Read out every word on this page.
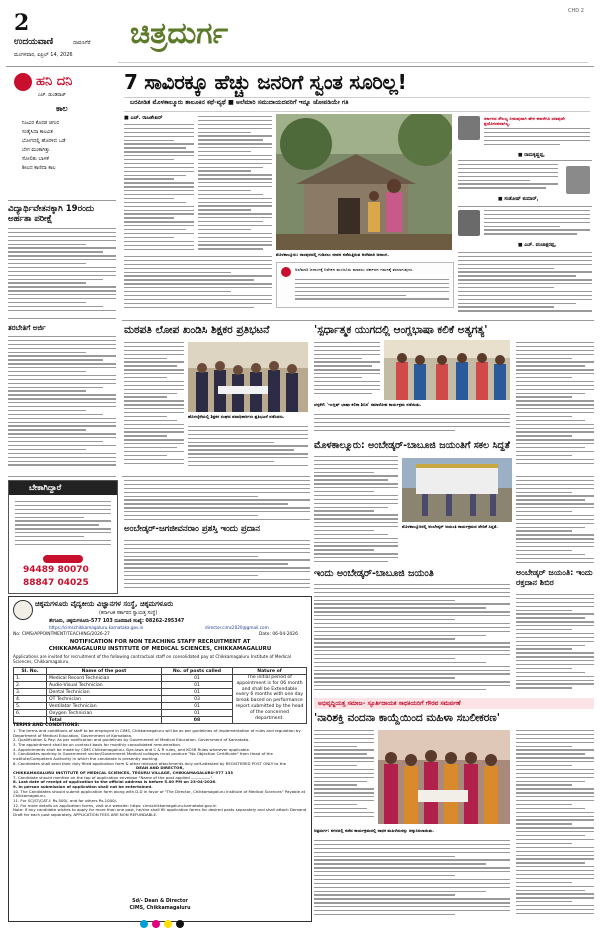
2
ಉದಯವಾಣಿ	ದಾವಣಗೆರೆ
ಮಂಗಳವಾರ, ಏಪ್ರಿಲ್ 14, 2026
ಚಿತ್ರದುರ್ಗ
CHD 2
ಹನಿ ದನಿ
ಎಚ್. ಡುಂಡಿರಾಜ್
ಕಾಲ
ನಿಜವಿರ ಕೊರಡ ಚಿಗುರ
ಸಂತೈಸಿದಾ ಕಾಲವಿತ
ಭೋಗದಲ್ಲಿ ಹೊರಳಿದ ಒಡೆ
ಬೇಗ ಮಂಕಾಗಿತ್ತು
ಸೋಲಿತು ಬಾಳಕೆ
ಶೀಲದ ಕಾಣಿದಾ ಕಾಲ
ವಿದ್ಯಾರ್ಥಿವೇತನಕ್ಕಾಗಿ 19ರಂದು ಅರ್ಹತಾ ಪರೀಕ್ಷೆ
7 ಸಾವಿರಕ್ಕೂ ಹೆಚ್ಚು ಜನರಿಗೆ ಸ್ವಂತ ಸೂರಿಲ್ಲ!
ಬರಪೀಡಿತ ಮೊಳಕಾಲ್ಮೂರು ತಾಲೂಕಿನ ಕಥೆ-ವ್ಯಥೆ ■ ಅಲೆಮಾರಿ ಸಮುದಾಯದವರಿಗೆ ಇನ್ನೂ ಜೋಪಡಿಯೇ ಗತಿ
■ ಎಚ್. ರಾಜಶೇಖರ್
ಮೊಳಕಾಲ್ಮೂರು: ರಾಂಪುರದಲ್ಲಿ ಗುಡಿಸಲು ಜೀವನ ನಡೆಸುತ್ತಿರುವ ಅಲೆಮಾರಿ ಜನಾಂಗ.
ಸರ್ಕಾರದ ಸೌಲಭ್ಯ ನೀಡುವುದಾಗಿ ಹೇಳಿ ಈವರೆಗೂ ಯಾವುದೇ ಪ್ರಯೋಜನವಾಗಿಲ್ಲ.
■ ರಾಮಕೃಷ್ಣಪ್ಪ,
■ ಸಂತೋಷ್ ಕುಮಾರ್,
■ ಎಚ್. ಪಂಚಾಕ್ಷರಪ್ಪ,
ಅಲೆಮಾರಿ ಜನಾಂಗಕ್ಕೆ ನಿವೇಶನ ಮಂಜೂರು ಮಾಡಲು ಸರ್ಕಾರದ ಗಮನಕ್ಕೆ ತರಲಾಗುವುದು.
ತರಬೇತಿಗೆ ಅರ್ಜಿ
ಬೇಕಾಗಿದ್ದಾರೆ
94489 80070
88847 04025
ಮಠಪತಿ ಲೋಪ ಖಂಡಿಸಿ ಶಿಕ್ಷಕರ ಪ್ರತಿಭಟನೆ
ಹೊಳಲ್ಕೆರೆಯಲ್ಲಿ ಶಿಕ್ಷಕರ ಸಂಘದ ಪದಾಧಿಕಾರಿಗಳು ಪ್ರತಿಭಟನೆ ನಡೆಸಿದರು.
'ಸ್ಪರ್ಧಾತ್ಮಕ ಯುಗದಲ್ಲಿ ಆಂಗ್ಲಭಾಷಾ ಕಲಿಕೆ ಅತ್ಯಗತ್ಯ'
ಚಳ್ಳಕೆರೆ: 'ಇಂಗ್ಲಿಷ್ ಭಾಷಾ ಕಲಿಕಾ ಶಿಬಿರ' ಸಮಾರೋಪ ಕಾರ್ಯಕ್ರಮ ನಡೆಯಿತು.
ಮೊಳಕಾಲ್ಮೂರು: ಅಂಬೇಡ್ಕರ್-ಬಾಬೂಜಿ ಜಯಂತಿಗೆ ಸಕಲ ಸಿದ್ಧತೆ
ಮೊಳಕಾಲ್ಮೂರಿನಲ್ಲಿ ಅಂಬೇಡ್ಕರ್ ಜಯಂತಿ ಕಾರ್ಯಕ್ರಮದ ವೇದಿಕೆ ಸಿದ್ಧತೆ.
ಅಂಬೇಡ್ಕರ್-ಜಗಜೀವನರಾಂ ಪ್ರಶಸ್ತಿ ಇಂದು ಪ್ರದಾನ
ಇಂದು ಅಂಬೇಡ್ಕರ್-ಬಾಬೂಜಿ ಜಯಂತಿ	ಅಂಬೇಡ್ಕರ್ ಜಯಂತಿ: ಇಂದು ರಕ್ತದಾನ ಶಿಬಿರ
ಚಿಕ್ಕಮಗಳೂರು ವೈದ್ಯಕೀಯ ವಿಜ್ಞಾನಗಳ ಸಂಸ್ಥೆ, ಚಿಕ್ಕಮಗಳೂರು
(ಕರ್ನಾಟಕ ಸರ್ಕಾರದ ಸ್ವಾಯತ್ತ ಸಂಸ್ಥೆ)
ತೇಗೂರು, ಚಿಕ್ಕಮಗಳೂರು-577 103 ದೂರವಾಣಿ ಸಂಖ್ಯೆ: 08262-295347
https://cimschikkamagaluru.karnataka.gov.in	director.cims2020@gmail.com
No: CIMS/APPOINTMENT/TEACHING/2026-27	Date: 06-04-2026
NOTIFICATION FOR NON TEACHING STAFF RECRUITMENT AT
CHIKKAMAGALURU INSTITUTE OF MEDICAL SCIENCES, CHIKKAMAGALURU
Applications are invited for recruitment of the following contractual staff on consolidated pay at Chikkamagaluru Institute of Medical Sciences, Chikkamagaluru.
Sl. No.	Name of the post	No. of posts called	Nature of
1.	Medical Record Technician	01	The initial period of appointment is for 06 month and shall be Extendable every 6 months with one day break based on performance report submitted by the head of the concerned department.
2.	Audio-Visual Technician	01	
3.	Dental Technician	01	
4.	OT Technician	03	
5.	Ventilator Technician	01	
6.	Oxygen Technician	01	
	Total	08	
TERMS AND CONDITIONS:
1. The terms and conditions of staff to be employed in CIMS, Chikkamagaluru will be as per guidelines of implementation of rules and regulation by Department of Medical Education, Government of Karnataka.
2. Qualification & Pay: As per notification and guidelines by Government of Medical Education, Government of Karnataka.
3. The appointment shall be on contract basis for monthly consolidated remuneration.
4. Appointments shall be made by CIMS Chikkamagaluru. Bye-laws and C & R rules, and KCSR Rules wherever applicable.
5. Candidates working in Government sector/Government Medical colleges must produce "No Objection Certificate" from Head of the institute/Competent Authority in which the candidate is presently working.
6. Candidates shall send their duly filled application form & other relevant attachments duly self-attested by REGISTERED POST ONLY to the
DEAN AND DIRECTOR,
CHIKKAMAGALURU INSTITUTE OF MEDICAL SCIENCES, TEGURU VILLAGE, CHIKKAMAGALURU-577 133
7. Candidate should mention on the top of application envelope "Name of the post applied —————".
8. Last date of receipt of application to the official address is before 5.00 PM on 23-04-2026.
9. In person submission of application shall not be entertained.
10. The Candidates should submit application form along with D.D in favor of "The Director, Chikkamagaluru Institute of Medical Sciences" Payable at Chikkamagaluru.
11. For SC/ST/CAT-I: Rs.500/- and for others Rs.1000/-
12. For more details on application forms, visit our website: https: cimschikkamagaluru.karnataka.gov.in
Note: If any candidate wishes to apply for more than one post, he/she shall fill application forms for desired posts separately and shall attach Demand Draft for each post separately. APPLICATION FEES ARE NON REFUNDABLE.
Sd/- Dean & Director
CIMS, Chikkamagaluru
ಅಭಿವೃದ್ಧಿಯತ್ತ ಸಮಾಜ– ಸ್ಫೂರ್ತಿದಾಯಕ ಸಾಧಕಿಯರಿಗೆ ಗೌರವ ಸಮರ್ಪಣೆ
'ನಾರಿಶಕ್ತಿ ವಂದನಾ ಕಾಯ್ದೆಯಿಂದ ಮಹಿಳಾ ಸಬಲೀಕರಣ'
ಚಿತ್ರದುರ್ಗ: ನಗರದಲ್ಲಿ ನಡೆದ ಕಾರ್ಯಕ್ರಮದಲ್ಲಿ ಸಾಧಕ ಮಹಿಳೆಯರನ್ನು ಸನ್ಮಾನಿಸಲಾಯಿತು.
